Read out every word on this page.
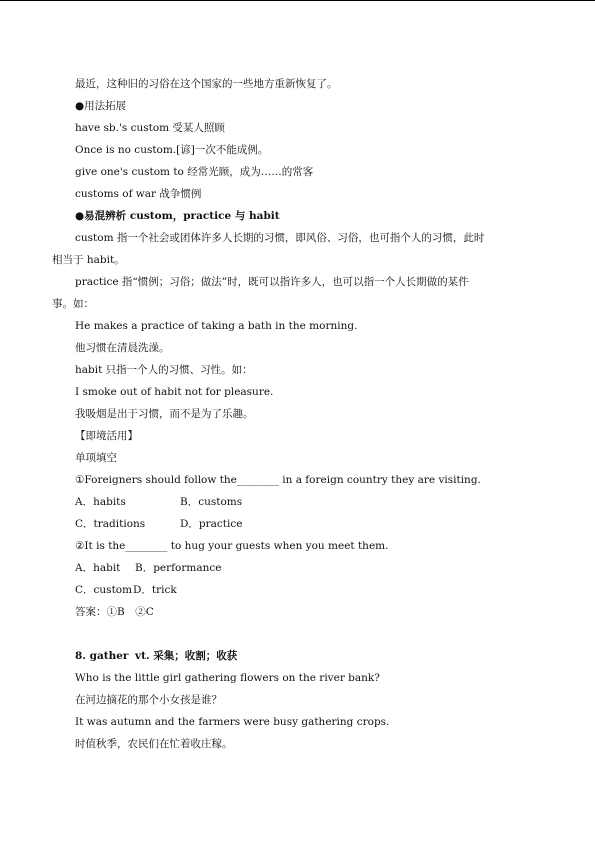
最近，这种旧的习俗在这个国家的一些地方重新恢复了。
●用法拓展
have sb.'s custom 受某人照顾
Once is no custom.[谚]一次不能成例。
give one's custom to 经常光顾，成为……的常客
customs of war 战争惯例
●易混辨析 custom，practice 与 habit
custom 指一个社会或团体许多人长期的习惯，即风俗、习俗，也可指个人的习惯，此时
相当于 habit。
practice 指“惯例；习俗；做法”时，既可以指许多人，也可以指一个人长期做的某件
事。如：
He makes a practice of taking a bath in the morning.
他习惯在清晨洗澡。
habit 只指一个人的习惯、习性。如：
I smoke out of habit not for pleasure.
我吸烟是出于习惯，而不是为了乐趣。
【即境活用】
单项填空
①Foreigners should follow the________ in a foreign country they are visiting.
A．habits	B．customs
C．traditions	D．practice
②It is the________ to hug your guests when you meet them.
A．habit B．performance
C．customD．trick
答案：①B　②C
8. gather vt. 采集；收割；收获
Who is the little girl gathering flowers on the river bank?
在河边摘花的那个小女孩是谁？
It was autumn and the farmers were busy gathering crops.
时值秋季，农民们在忙着收庄稼。
